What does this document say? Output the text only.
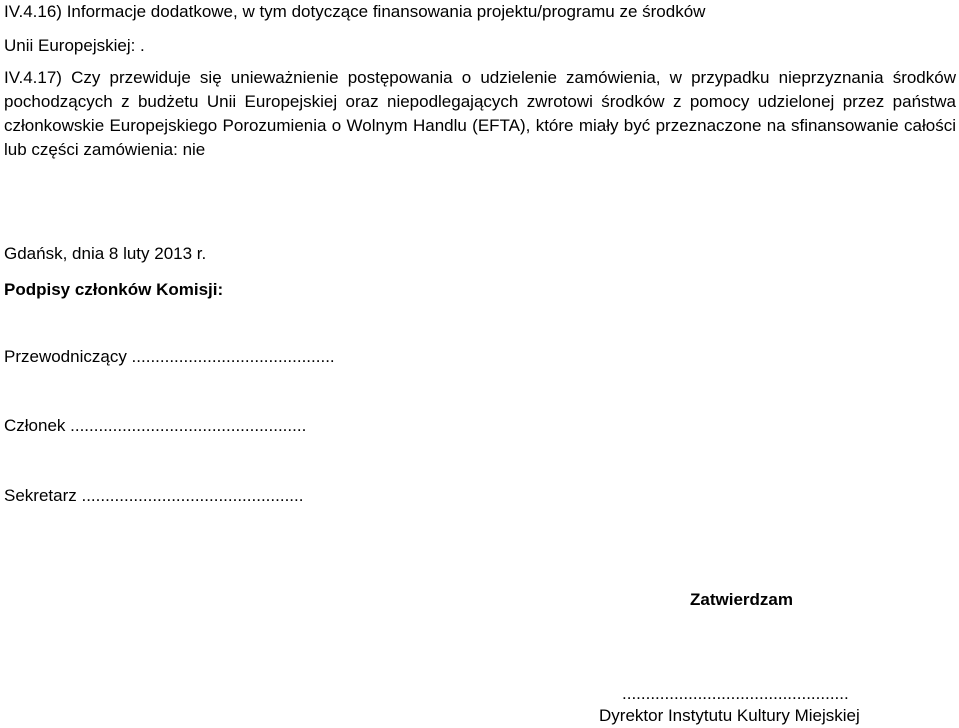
IV.4.16) Informacje dodatkowe, w tym dotyczące finansowania projektu/programu ze środków

Unii Europejskiej: .

IV.4.17) Czy przewiduje się unieważnienie postępowania o udzielenie zamówienia, w przypadku nieprzyznania środków pochodzących z budżetu Unii Europejskiej oraz niepodlegających zwrotowi środków z pomocy udzielonej przez państwa członkowskie Europejskiego Porozumienia o Wolnym Handlu (EFTA), które miały być przeznaczone na sfinansowanie całości lub części zamówienia: nie

Gdańsk, dnia 8 luty 2013 r.

Podpisy członków Komisji:

Przewodniczący ...........................................

Członek ..................................................

Sekretarz ...............................................

Zatwierdzam
................................................
Dyrektor Instytutu Kultury Miejskiej
